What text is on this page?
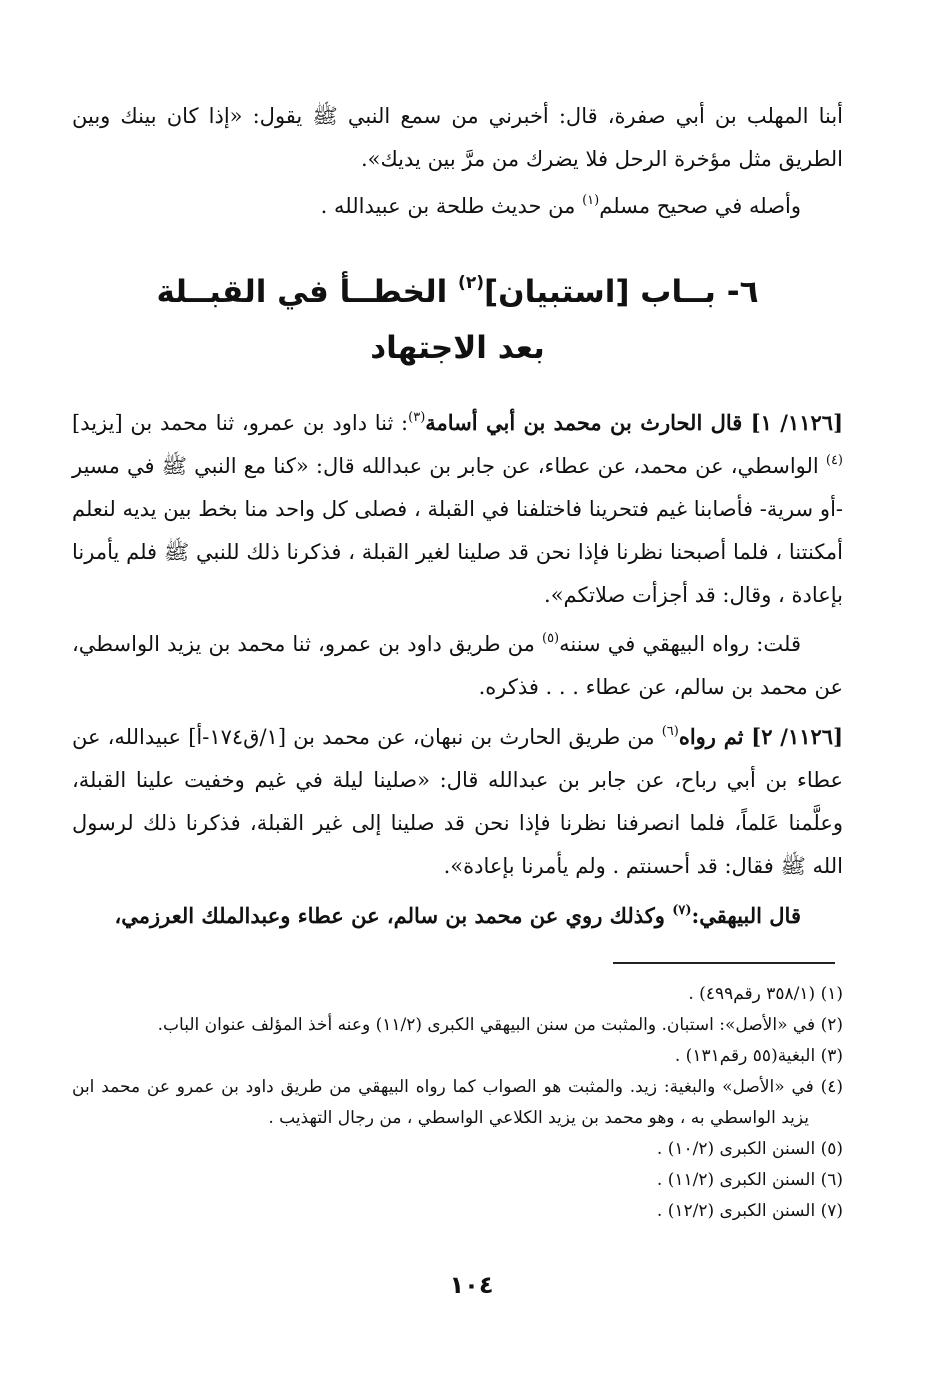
أبنا المهلب بن أبي صفرة، قال: أخبرني من سمع النبي ﷺ يقول: «إذا كان بينك وبين الطريق مثل مؤخرة الرحل فلا يضرك من مرَّ بين يديك».

وأصله في صحيح مسلم$^{(١)}$ من حديث طلحة بن عبيدالله .

٦- بــاب [استبيان]$^{(٢)}$ الخطــأ في القبــلة
بعد الاجتهاد

[١١٢٦/ ١] قال الحارث بن محمد بن أبي أسامة$^{(٣)}$: ثنا داود بن عمرو، ثنا محمد بن [يزيد]$^{(٤)}$ الواسطي، عن محمد، عن عطاء، عن جابر بن عبدالله قال: «كنا مع النبي ﷺ في مسير -أو سرية- فأصابنا غيم فتحرينا فاختلفنا في القبلة ، فصلى كل واحد منا بخط بين يديه لنعلم أمكنتنا ، فلما أصبحنا نظرنا فإذا نحن قد صلينا لغير القبلة ، فذكرنا ذلك للنبي ﷺ فلم يأمرنا بإعادة ، وقال: قد أجزأت صلاتكم».

قلت: رواه البيهقي في سننه$^{(٥)}$ من طريق داود بن عمرو، ثنا محمد بن يزيد الواسطي، عن محمد بن سالم، عن عطاء . . . فذكره.

[١١٢٦/ ٢] ثم رواه$^{(٦)}$ من طريق الحارث بن نبهان، عن محمد بن [١/ق١٧٤-أ] عبيدالله، عن عطاء بن أبي رباح، عن جابر بن عبدالله قال: «صلينا ليلة في غيم وخفيت علينا القبلة، وعلَّمنا عَلماً، فلما انصرفنا نظرنا فإذا نحن قد صلينا إلى غير القبلة، فذكرنا ذلك لرسول الله ﷺ فقال: قد أحسنتم . ولم يأمرنا بإعادة».

قال البيهقي:$^{(٧)}$ وكذلك روي عن محمد بن سالم، عن عطاء وعبدالملك العرزمي،

(١) (٣٥٨/١ رقم٤٩٩) .

(٢) في «الأصل»: استبان. والمثبت من سنن البيهقي الكبرى (١١/٢) وعنه أخذ المؤلف عنوان الباب.

(٣) البغية(٥٥ رقم١٣١) .

(٤) في «الأصل» والبغية: زيد. والمثبت هو الصواب كما رواه البيهقي من طريق داود بن عمرو عن محمد ابن يزيد الواسطي به ، وهو محمد بن يزيد الكلاعي الواسطي ، من رجال التهذيب .

(٥) السنن الكبرى (١٠/٢) .

(٦) السنن الكبرى (١١/٢) .

(٧) السنن الكبرى (١٢/٢) .

١٠٤
